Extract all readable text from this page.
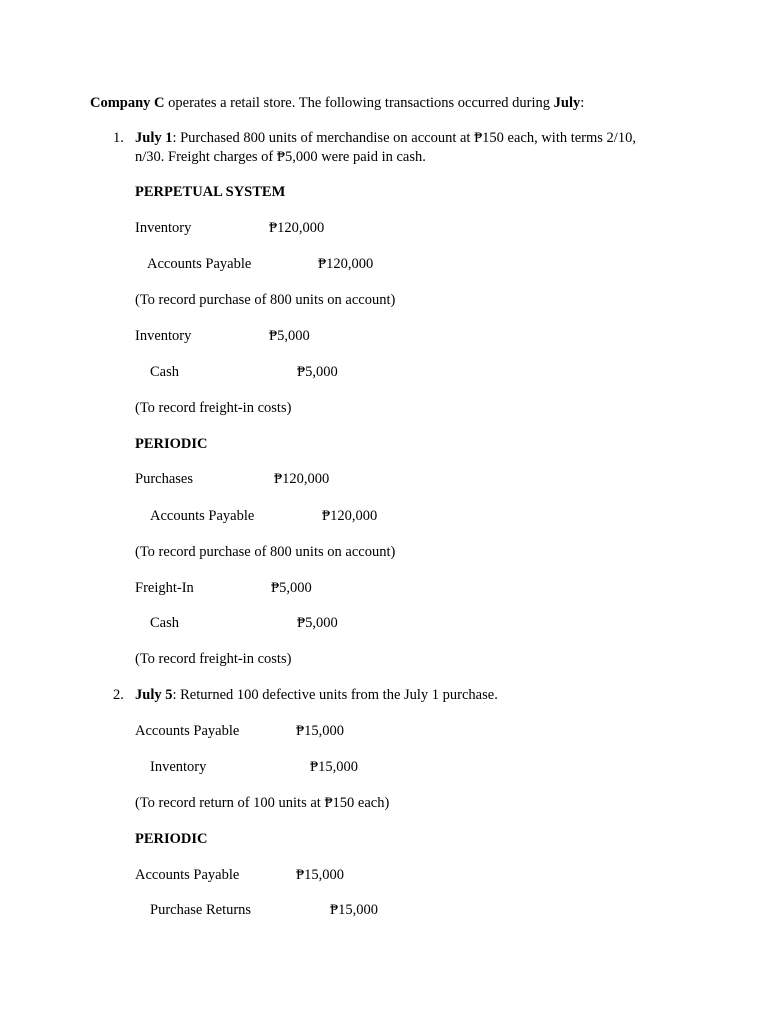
Company C operates a retail store. The following transactions occurred during July:
1. July 1: Purchased 800 units of merchandise on account at ₱150 each, with terms 2/10,
n/30. Freight charges of ₱5,000 were paid in cash.
PERPETUAL SYSTEM
Inventory	₱120,000
Accounts Payable	₱120,000
(To record purchase of 800 units on account)
Inventory	₱5,000
Cash	₱5,000
(To record freight-in costs)
PERIODIC
Purchases	₱120,000
Accounts Payable	₱120,000
(To record purchase of 800 units on account)
Freight-In	₱5,000
Cash	₱5,000
(To record freight-in costs)
2. July 5: Returned 100 defective units from the July 1 purchase.
Accounts Payable	₱15,000
Inventory	₱15,000
(To record return of 100 units at ₱150 each)
PERIODIC
Accounts Payable	₱15,000
Purchase Returns	₱15,000
